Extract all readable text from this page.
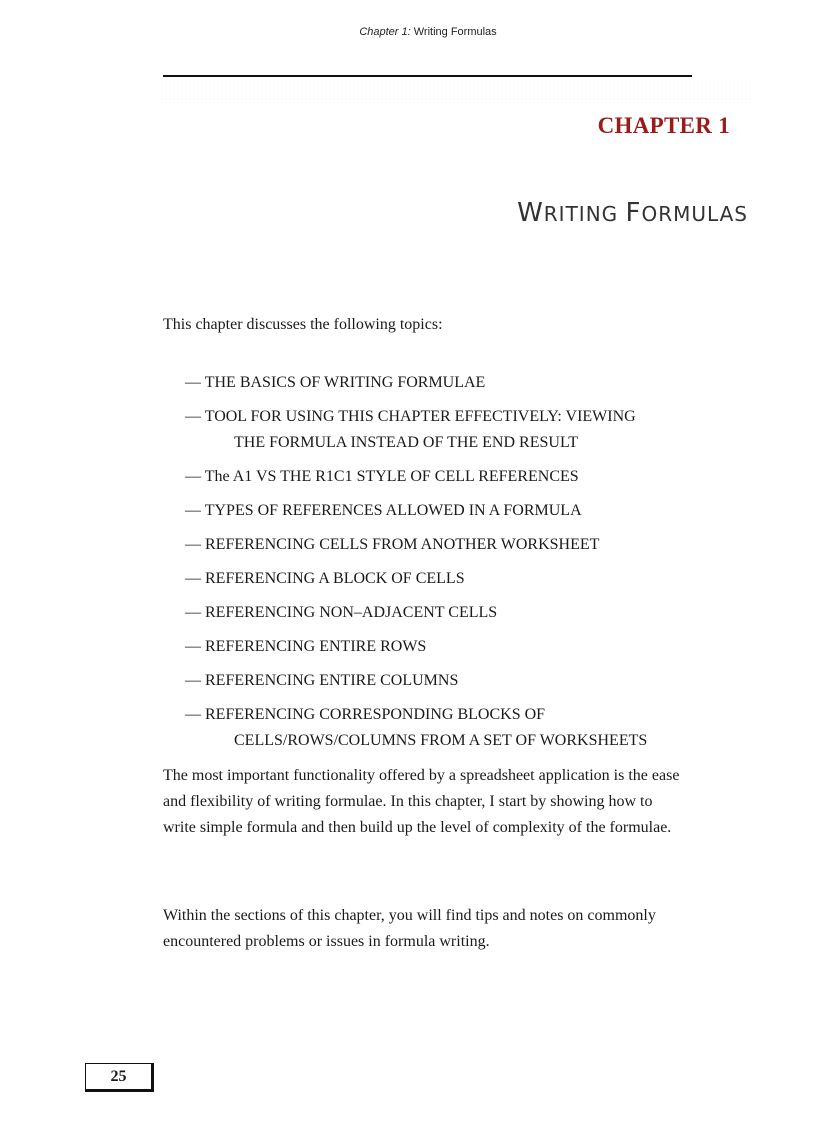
Chapter 1: Writing Formulas
CHAPTER 1
WRITING FORMULAS
This chapter discusses the following topics:
— THE BASICS OF WRITING FORMULAE
— TOOL FOR USING THIS CHAPTER EFFECTIVELY: VIEWING
THE FORMULA INSTEAD OF THE END RESULT
— The A1 VS THE R1C1 STYLE OF CELL REFERENCES
— TYPES OF REFERENCES ALLOWED IN A FORMULA
— REFERENCING CELLS FROM ANOTHER WORKSHEET
— REFERENCING A BLOCK OF CELLS
— REFERENCING NON–ADJACENT CELLS
— REFERENCING ENTIRE ROWS
— REFERENCING ENTIRE COLUMNS
— REFERENCING CORRESPONDING BLOCKS OF
CELLS/ROWS/COLUMNS FROM A SET OF WORKSHEETS

The most important functionality offered by a spreadsheet application is the ease and flexibility of writing formulae. In this chapter, I start by showing how to write simple formula and then build up the level of complexity of the formulae.

Within the sections of this chapter, you will find tips and notes on commonly encountered problems or issues in formula writing.

25
